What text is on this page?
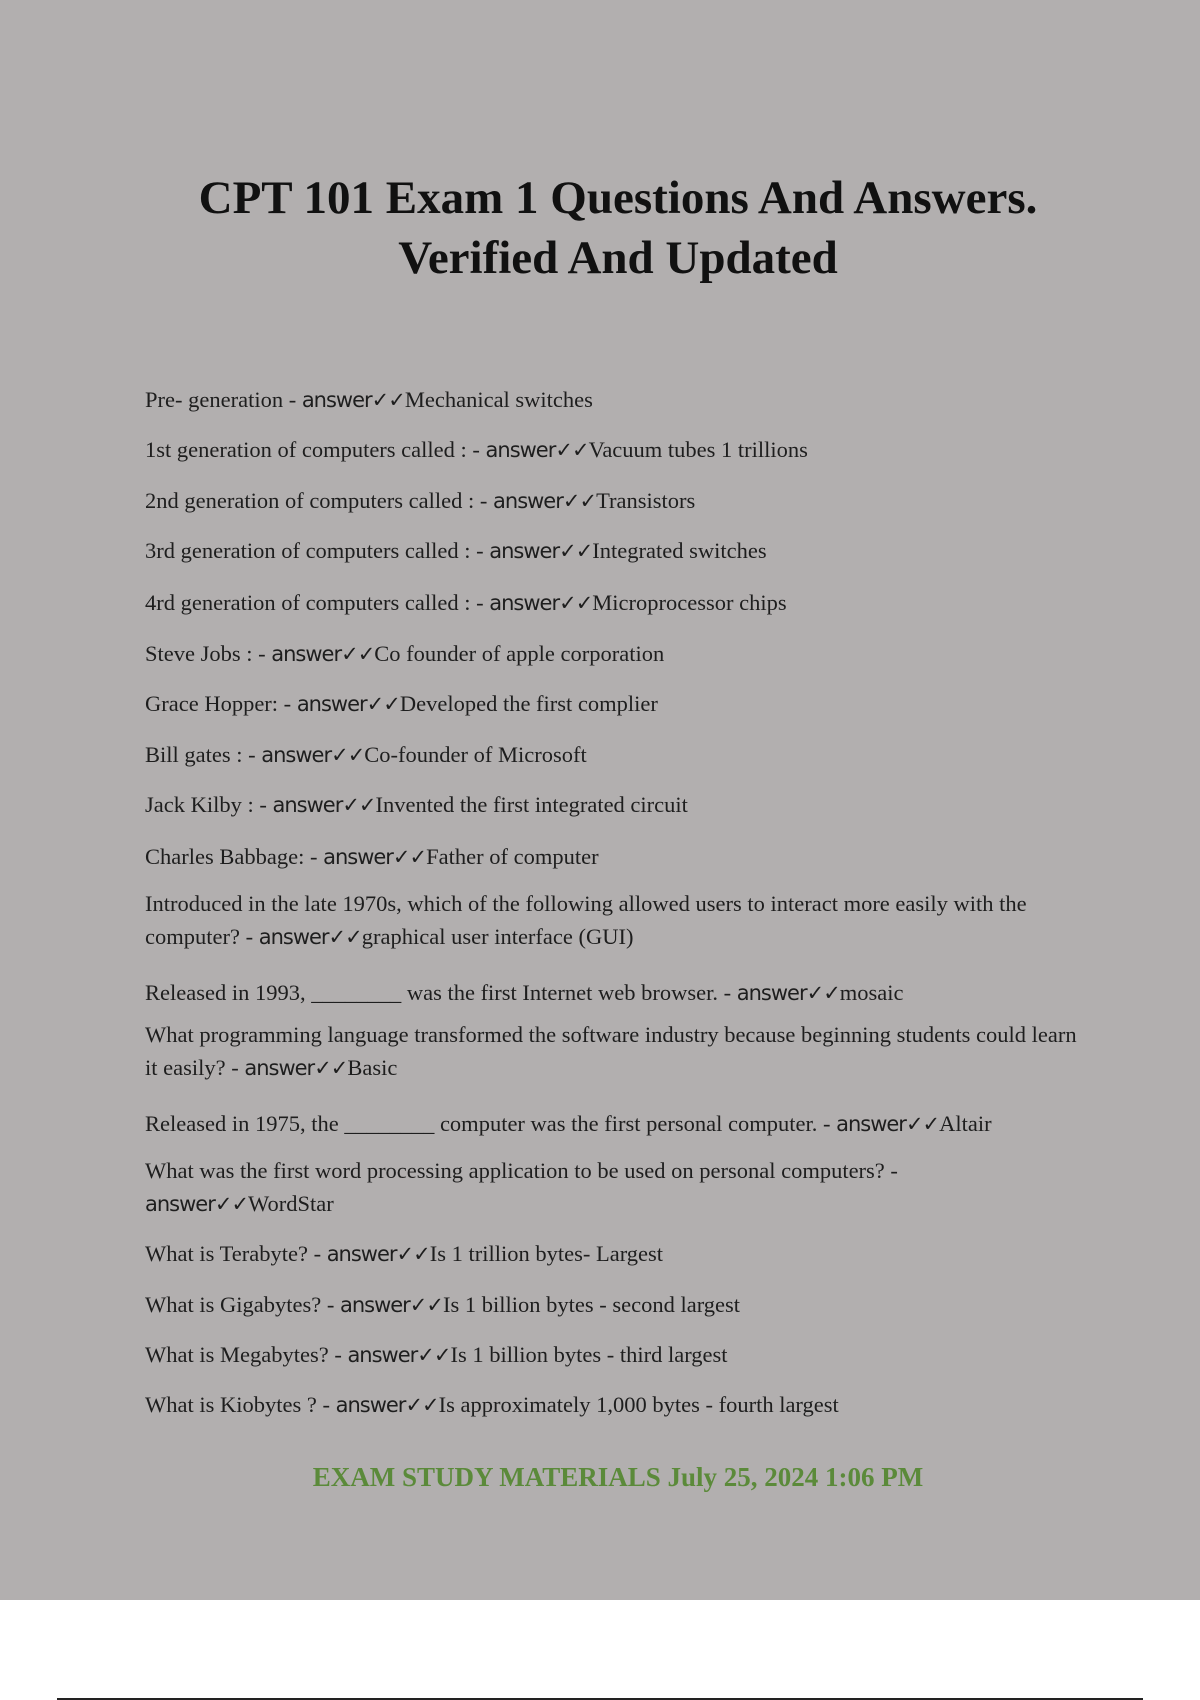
CPT 101 Exam 1 Questions And Answers.
Verified And Updated
Pre- generation - answer✓✓Mechanical switches
1st generation of computers called : - answer✓✓Vacuum tubes 1 trillions
2nd generation of computers called : - answer✓✓Transistors
3rd generation of computers called : - answer✓✓Integrated switches
4rd generation of computers called : - answer✓✓Microprocessor chips
Steve Jobs : - answer✓✓Co founder of apple corporation
Grace Hopper: - answer✓✓Developed the first complier
Bill gates : - answer✓✓Co-founder of Microsoft
Jack Kilby : - answer✓✓Invented the first integrated circuit
Charles Babbage: - answer✓✓Father of computer
Introduced in the late 1970s, which of the following allowed users to interact more easily with the computer? - answer✓✓graphical user interface (GUI)
Released in 1993, ________ was the first Internet web browser. - answer✓✓mosaic
What programming language transformed the software industry because beginning students could learn it easily? - answer✓✓Basic
Released in 1975, the ________ computer was the first personal computer. - answer✓✓Altair
What was the first word processing application to be used on personal computers? - answer✓✓WordStar
What is Terabyte? - answer✓✓Is 1 trillion bytes- Largest
What is Gigabytes? - answer✓✓Is 1 billion bytes - second largest
What is Megabytes? - answer✓✓Is 1 billion bytes - third largest
What is Kiobytes ? - answer✓✓Is approximately 1,000 bytes - fourth largest
EXAM STUDY MATERIALS July 25, 2024 1:06 PM
